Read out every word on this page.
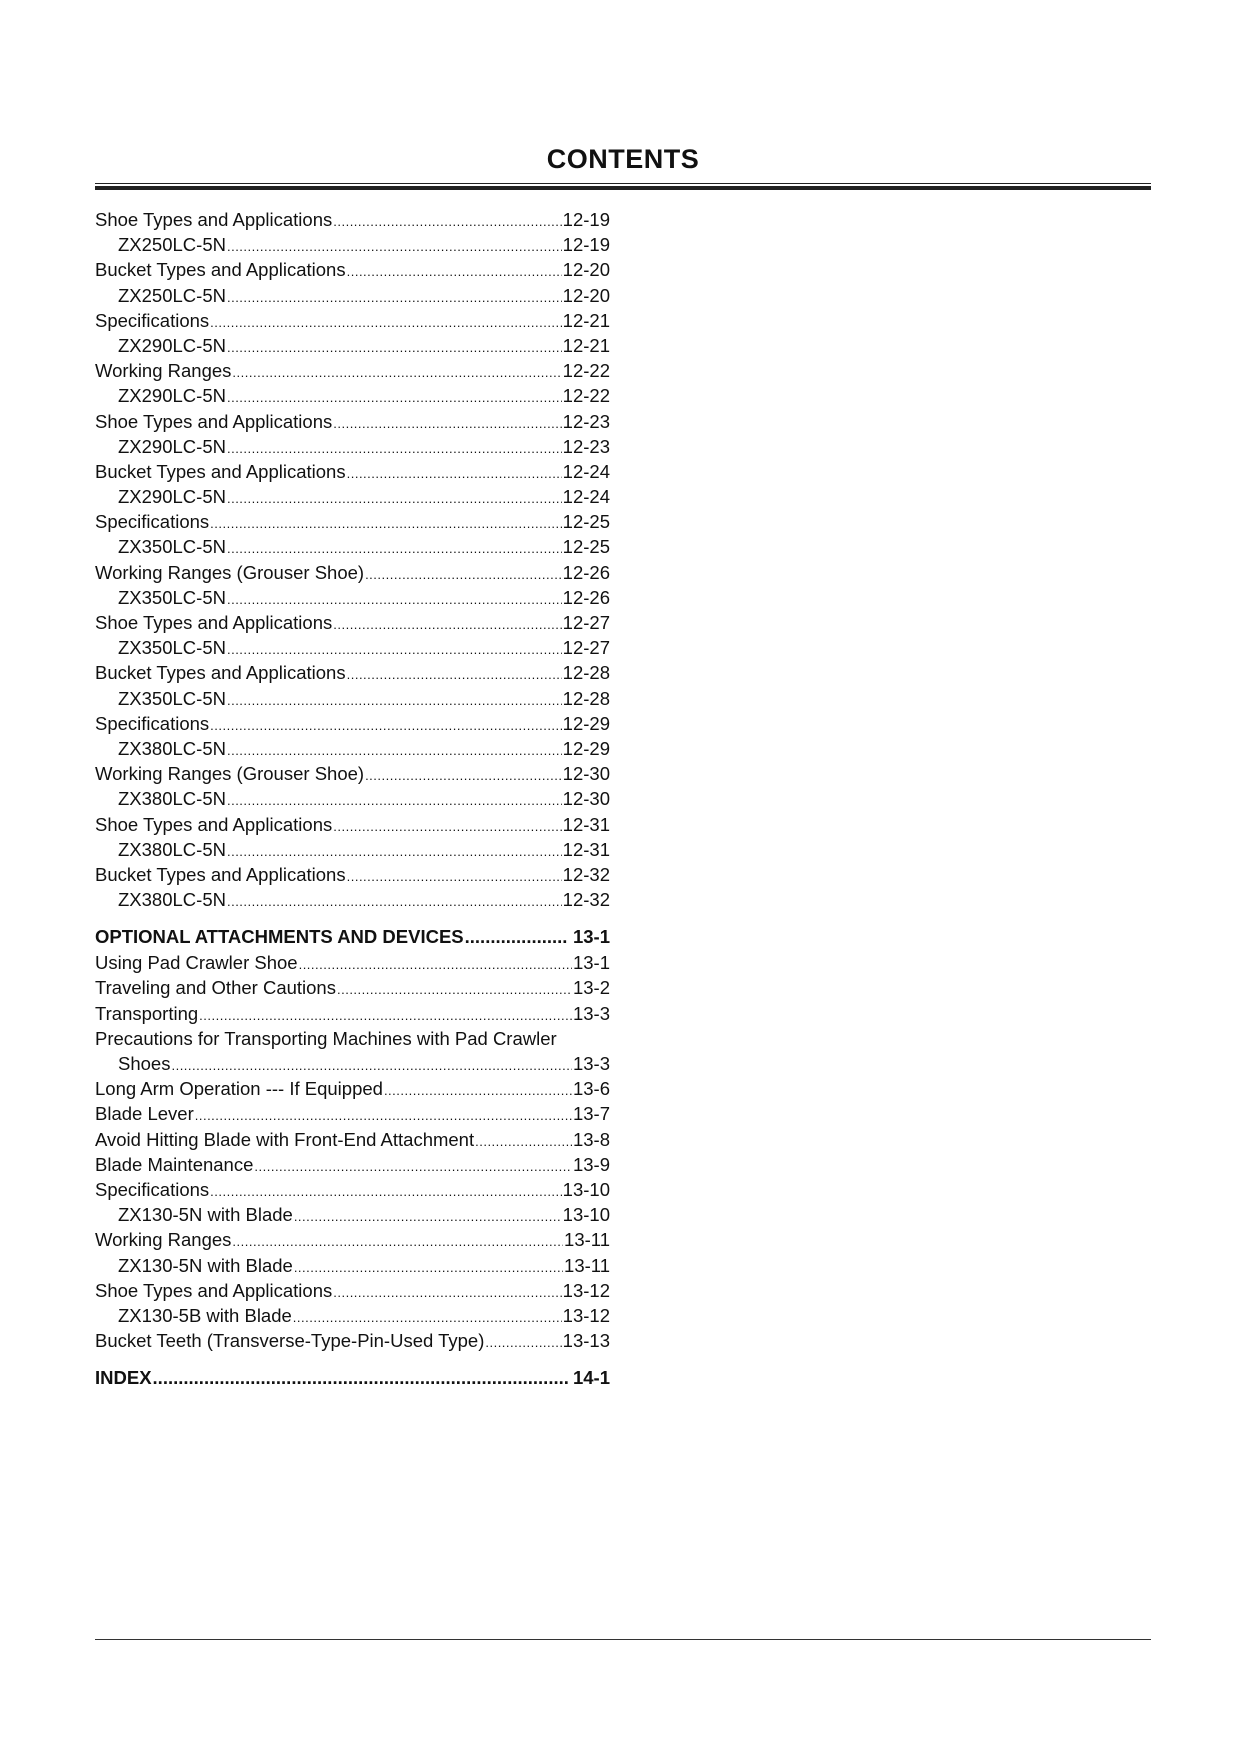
CONTENTS
Shoe Types and Applications .....	12-19
ZX250LC-5N .....	12-19
Bucket Types and Applications .....	12-20
ZX250LC-5N .....	12-20
Specifications .....	12-21
ZX290LC-5N .....	12-21
Working Ranges .....	12-22
ZX290LC-5N .....	12-22
Shoe Types and Applications .....	12-23
ZX290LC-5N .....	12-23
Bucket Types and Applications .....	12-24
ZX290LC-5N .....	12-24
Specifications .....	12-25
ZX350LC-5N .....	12-25
Working Ranges (Grouser Shoe) .....	12-26
ZX350LC-5N .....	12-26
Shoe Types and Applications .....	12-27
ZX350LC-5N .....	12-27
Bucket Types and Applications .....	12-28
ZX350LC-5N .....	12-28
Specifications .....	12-29
ZX380LC-5N .....	12-29
Working Ranges (Grouser Shoe) .....	12-30
ZX380LC-5N .....	12-30
Shoe Types and Applications .....	12-31
ZX380LC-5N .....	12-31
Bucket Types and Applications .....	12-32
ZX380LC-5N .....	12-32
OPTIONAL ATTACHMENTS AND DEVICES .....	13-1
Using Pad Crawler Shoe .....	13-1
Traveling and Other Cautions .....	13-2
Transporting .....	13-3
Precautions for Transporting Machines with Pad Crawler
Shoes .....	13-3
Long Arm Operation --- If Equipped .....	13-6
Blade Lever .....	13-7
Avoid Hitting Blade with Front-End Attachment .....	13-8
Blade Maintenance .....	13-9
Specifications .....	13-10
ZX130-5N with Blade .....	13-10
Working Ranges .....	13-11
ZX130-5N with Blade .....	13-11
Shoe Types and Applications .....	13-12
ZX130-5B with Blade .....	13-12
Bucket Teeth (Transverse-Type-Pin-Used Type) .....	13-13
INDEX .....	14-1
